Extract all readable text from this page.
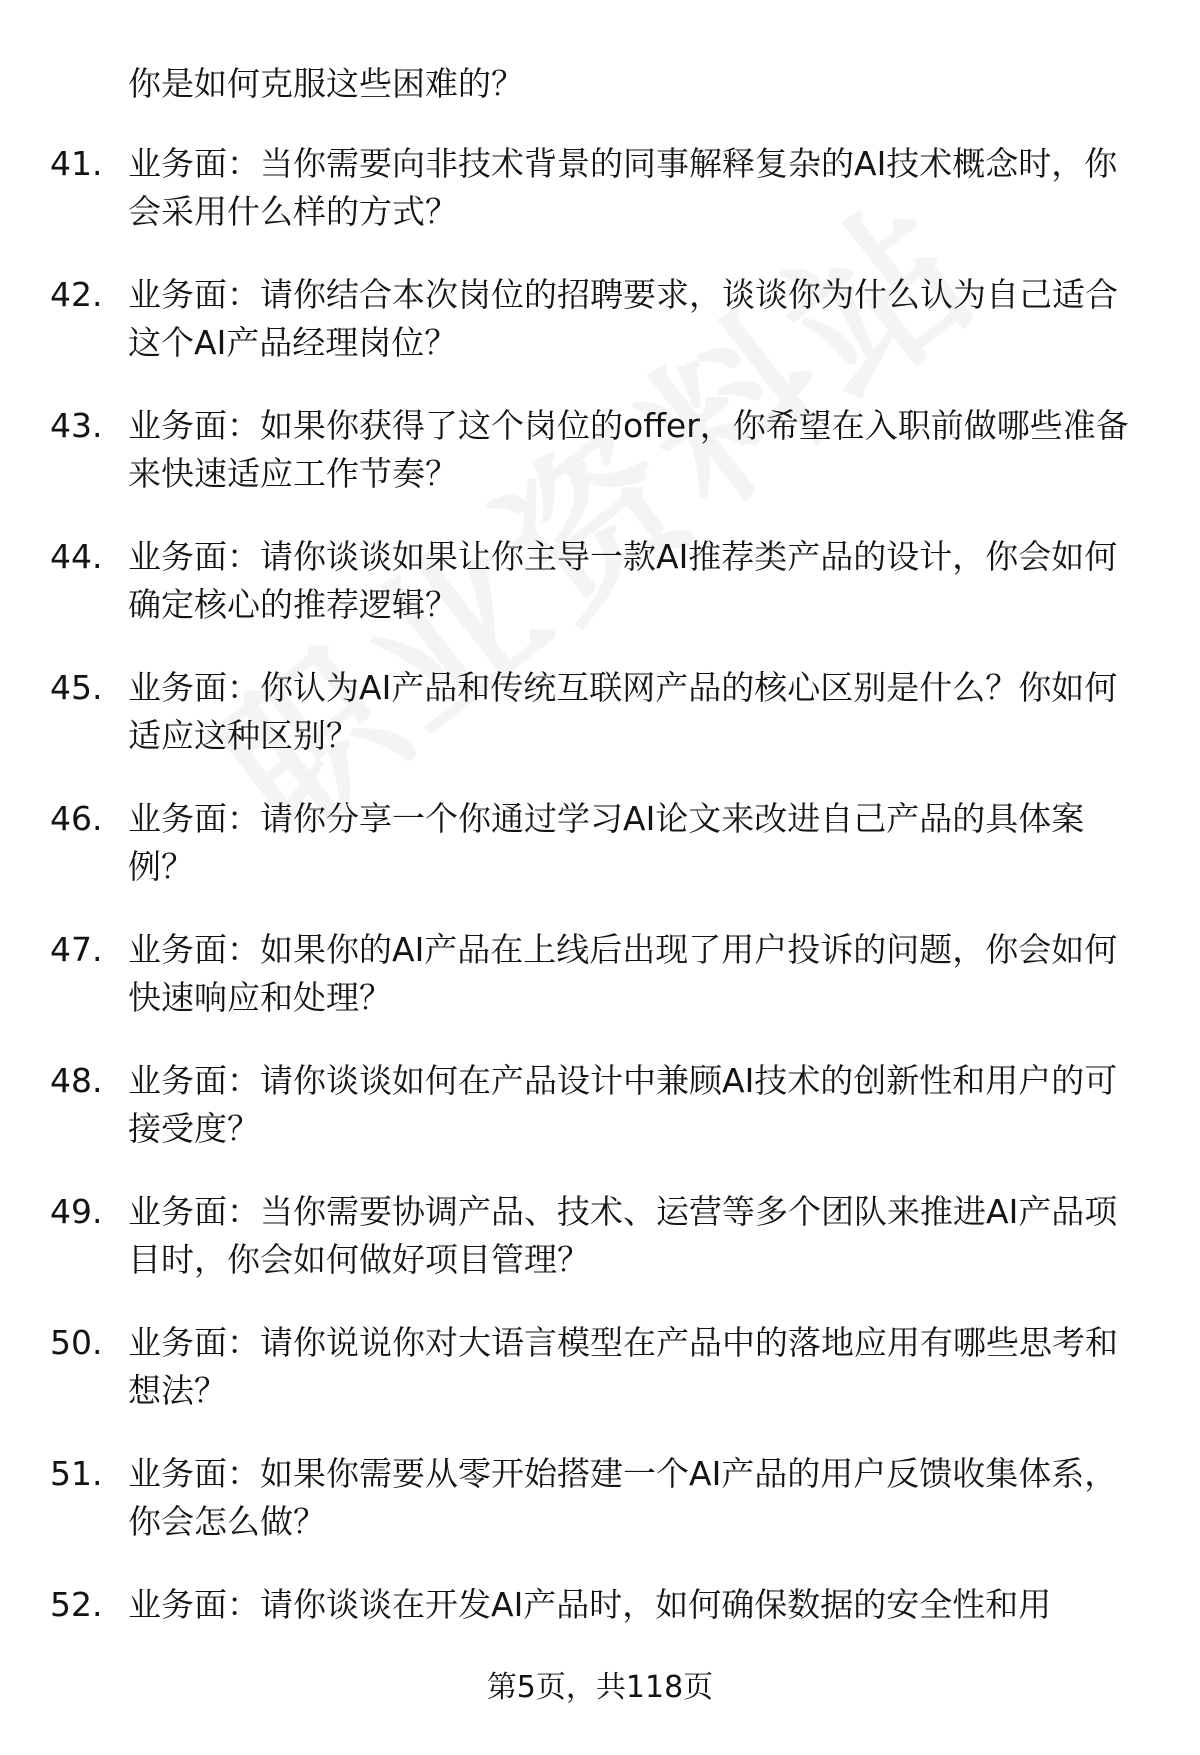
你是如何克服这些困难的？
41. 业务面：当你需要向非技术背景的同事解释复杂的AI技术概念时，你会采用什么样的方式？
42. 业务面：请你结合本次岗位的招聘要求，谈谈你为什么认为自己适合这个AI产品经理岗位？
43. 业务面：如果你获得了这个岗位的offer，你希望在入职前做哪些准备来快速适应工作节奏？
44. 业务面：请你谈谈如果让你主导一款AI推荐类产品的设计，你会如何确定核心的推荐逻辑？
45. 业务面：你认为AI产品和传统互联网产品的核心区别是什么？你如何适应这种区别？
46. 业务面：请你分享一个你通过学习AI论文来改进自己产品的具体案例？
47. 业务面：如果你的AI产品在上线后出现了用户投诉的问题，你会如何快速响应和处理？
48. 业务面：请你谈谈如何在产品设计中兼顾AI技术的创新性和用户的可接受度？
49. 业务面：当你需要协调产品、技术、运营等多个团队来推进AI产品项目时，你会如何做好项目管理？
50. 业务面：请你说说你对大语言模型在产品中的落地应用有哪些思考和想法？
51. 业务面：如果你需要从零开始搭建一个AI产品的用户反馈收集体系，你会怎么做？
52. 业务面：请你谈谈在开发AI产品时，如何确保数据的安全性和用
第5页，共118页
